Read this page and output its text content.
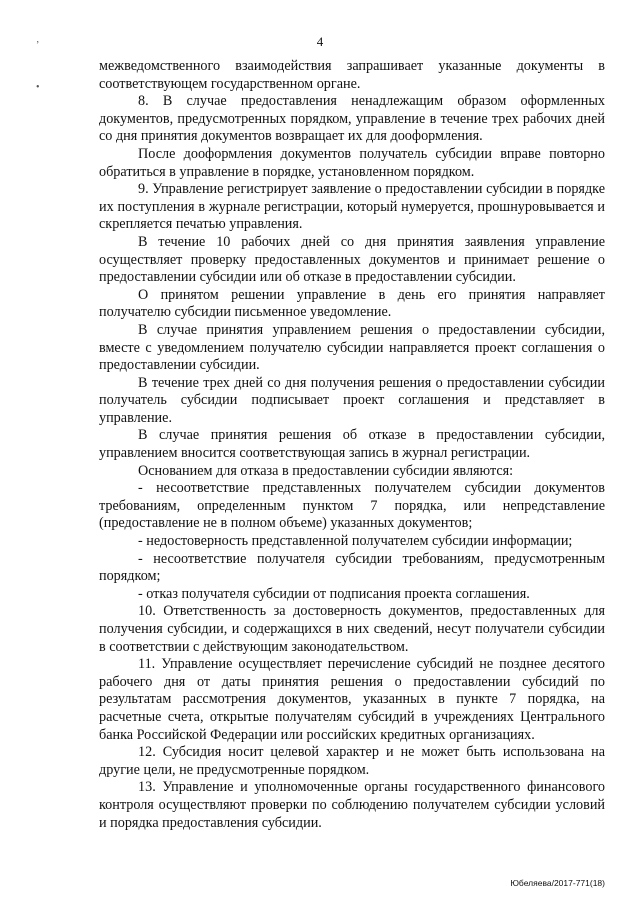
4
’
•

межведомственного взаимодействия запрашивает указанные документы в соответствующем государственном органе.

8. В случае предоставления ненадлежащим образом оформленных документов, предусмотренных порядком, управление в течение трех рабочих дней со дня принятия документов возвращает их для дооформления.

После дооформления документов получатель субсидии вправе повторно обратиться в управление в порядке, установленном порядком.

9. Управление регистрирует заявление о предоставлении субсидии в порядке их поступления в журнале регистрации, который нумеруется, прошнуровывается и скрепляется печатью управления.

В течение 10 рабочих дней со дня принятия заявления управление осуществляет проверку предоставленных документов и принимает решение о предоставлении субсидии или об отказе в предоставлении субсидии.

О принятом решении управление в день его принятия направляет получателю субсидии письменное уведомление.

В случае принятия управлением решения о предоставлении субсидии, вместе с уведомлением получателю субсидии направляется проект соглашения о предоставлении субсидии.

В течение трех дней со дня получения решения о предоставлении субсидии получатель субсидии подписывает проект соглашения и представляет в управление.

В случае принятия решения об отказе в предоставлении субсидии, управлением вносится соответствующая запись в журнал регистрации.

Основанием для отказа в предоставлении субсидии являются:

- несоответствие представленных получателем субсидии документов требованиям, определенным пунктом 7 порядка, или непредставление (предоставление не в полном объеме) указанных документов;

- недостоверность представленной получателем субсидии информации;

- несоответствие получателя субсидии требованиям, предусмотренным порядком;

- отказ получателя субсидии от подписания проекта соглашения.

10. Ответственность за достоверность документов, предоставленных для получения субсидии, и содержащихся в них сведений, несут получатели субсидии в соответствии с действующим законодательством.

11. Управление осуществляет перечисление субсидий не позднее десятого рабочего дня от даты принятия решения о предоставлении субсидий по результатам рассмотрения документов, указанных в пункте 7 порядка, на расчетные счета, открытые получателям субсидий в учреждениях Центрального банка Российской Федерации или российских кредитных организациях.

12. Субсидия носит целевой характер и не может быть использована на другие цели, не предусмотренные порядком.

13. Управление и уполномоченные органы государственного финансового контроля осуществляют проверки по соблюдению получателем субсидии условий и порядка предоставления субсидии.

Юбеляева/2017-771(18)
